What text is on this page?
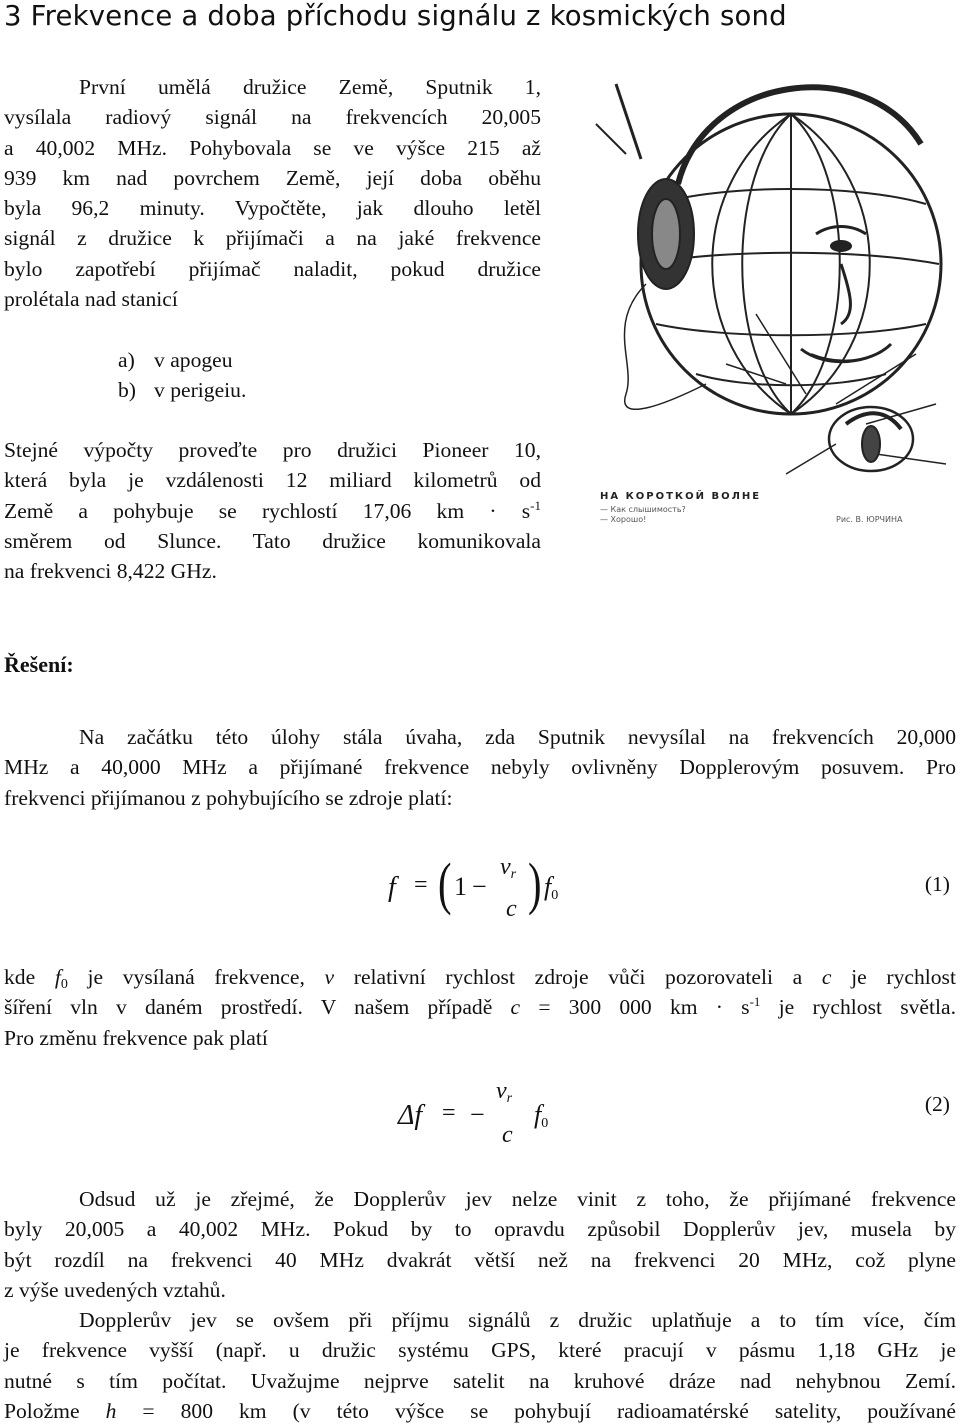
3 Frekvence a doba příchodu signálu z kosmických sond
První umělá družice Země, Sputnik 1,
vysílala radiový signál na frekvencích 20,005
a 40,002 MHz. Pohybovala se ve výšce 215 až
939 km nad povrchem Země, její doba oběhu
byla 96,2 minuty. Vypočtěte, jak dlouho letěl
signál z družice k přijímači a na jaké frekvence
bylo zapotřebí přijímač naladit, pokud družice
prolétala nad stanicí
a) v apogeu
b) v perigeiu.
Stejné výpočty proveďte pro družici Pioneer 10,
která byla je vzdálenosti 12 miliard kilometrů od
Země a pohybuje se rychlostí 17,06 km · $s^{-1}$
směrem od Slunce. Tato družice komunikovala
na frekvenci 8,422 GHz.
НА КОРОТКОЙ ВОЛНЕ
— Как слышимость?
— Хорошо!	Рис. В. ЮРЧИНА
Řešení:
Na začátku této úlohy stála úvaha, zda Sputnik nevysílal na frekvencích 20,000
MHz a 40,000 MHz a přijímané frekvence nebyly ovlivněny Dopplerovým posuvem. Pro
frekvenci přijímanou z pohybujícího se zdroje platí:
f = ( 1 −
$v_r$
c ) $f_0$	(1)
kde $f_0$ je vysílaná frekvence, v relativní rychlost zdroje vůči pozorovateli a c je rychlost
šíření vln v daném prostředí. V našem případě c = 300 000 km · $s^{-1}$ je rychlost světla.
Pro změnu frekvence pak platí
Δf = −
$v_r$
c
$f_0$
(2)
Odsud už je zřejmé, že Dopplerův jev nelze vinit z toho, že přijímané frekvence
byly 20,005 a 40,002 MHz. Pokud by to opravdu způsobil Dopplerův jev, musela by
být rozdíl na frekvenci 40 MHz dvakrát větší než na frekvenci 20 MHz, což plyne
z výše uvedených vztahů.
Dopplerův jev se ovšem při příjmu signálů z družic uplatňuje a to tím více, čím
je frekvence vyšší (např. u družic systému GPS, které pracují v pásmu 1,18 GHz je
nutné s tím počítat. Uvažujme nejprve satelit na kruhové dráze nad nehybnou Zemí.
Položme h = 800 km (v této výšce se pohybují radioamatérské satelity, používané
